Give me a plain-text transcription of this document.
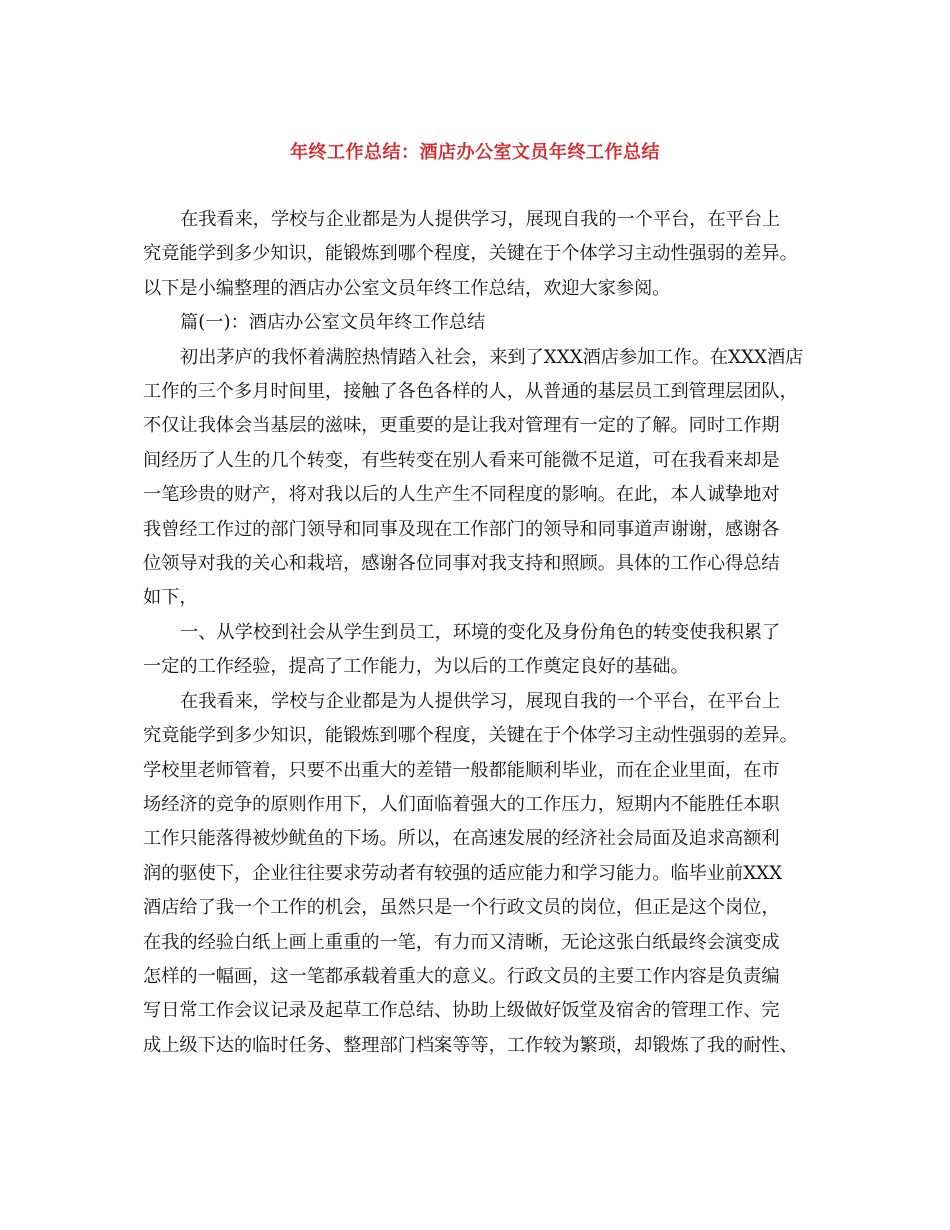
年终工作总结：酒店办公室文员年终工作总结
在我看来，学校与企业都是为人提供学习，展现自我的一个平台，在平台上
究竟能学到多少知识，能锻炼到哪个程度，关键在于个体学习主动性强弱的差异。
以下是小编整理的酒店办公室文员年终工作总结，欢迎大家参阅。
篇(一)：酒店办公室文员年终工作总结
初出茅庐的我怀着满腔热情踏入社会，来到了XXX酒店参加工作。在XXX酒店
工作的三个多月时间里，接触了各色各样的人，从普通的基层员工到管理层团队，
不仅让我体会当基层的滋味，更重要的是让我对管理有一定的了解。同时工作期
间经历了人生的几个转变，有些转变在别人看来可能微不足道，可在我看来却是
一笔珍贵的财产，将对我以后的人生产生不同程度的影响。在此，本人诚挚地对
我曾经工作过的部门领导和同事及现在工作部门的领导和同事道声谢谢，感谢各
位领导对我的关心和栽培，感谢各位同事对我支持和照顾。具体的工作心得总结
如下，
一、从学校到社会从学生到员工，环境的变化及身份角色的转变使我积累了
一定的工作经验，提高了工作能力，为以后的工作奠定良好的基础。
在我看来，学校与企业都是为人提供学习，展现自我的一个平台，在平台上
究竟能学到多少知识，能锻炼到哪个程度，关键在于个体学习主动性强弱的差异。
学校里老师管着，只要不出重大的差错一般都能顺利毕业，而在企业里面，在市
场经济的竞争的原则作用下，人们面临着强大的工作压力，短期内不能胜任本职
工作只能落得被炒鱿鱼的下场。所以，在高速发展的经济社会局面及追求高额利
润的驱使下，企业往往要求劳动者有较强的适应能力和学习能力。临毕业前XXX
酒店给了我一个工作的机会，虽然只是一个行政文员的岗位，但正是这个岗位，
在我的经验白纸上画上重重的一笔，有力而又清晰，无论这张白纸最终会演变成
怎样的一幅画，这一笔都承载着重大的意义。行政文员的主要工作内容是负责编
写日常工作会议记录及起草工作总结、协助上级做好饭堂及宿舍的管理工作、完
成上级下达的临时任务、整理部门档案等等，工作较为繁琐，却锻炼了我的耐性、
